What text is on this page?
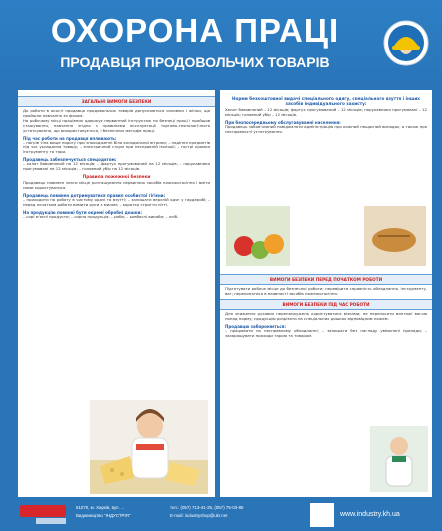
ОХОРОНА ПРАЦІ
ПРОДАВЦЯ ПРОДОВОЛЬЧИХ ТОВАРІВ
ЗАГАЛЬНІ ВИМОГИ БЕЗПЕКИ

До роботи в якості продавця продовольчих товарів допускаються чоловіки і жінки, що пройшли навчання за фахом.

На робочому місці працівник одержує первинний інструктаж по безпеці праці і пройшов стажування, навчання згідно з правилами експлуатації торгово-технологічного устаткування, що використовується, і безпечних методів праці.

Під час роботи на продавця впливають:

– нагрів тіла вище порогу при знаходженні біля холодильної вітрини; – падіння предметів під час укладання товару; – електричний струм при несправній ізоляції; – гострі кромки інструменту та тари.

Продавець забезпечується спецодягом:

– халат бавовняний на 12 місяців; – фартух прогумований на 12 місяців; – нарукавники прогумовані на 12 місяців; – головний убір на 12 місяців.

Правила пожежної безпеки

Продавець повинен знати місце розташування первинних засобів пожежогасіння і вміти ними користуватися.

Продавець повинен дотримуватися правил особистої гігієни:

– приходити на роботу в чистому одязі та взутті; – залишати верхній одяг у гардеробі; – перед початком роботи вимити руки з милом; – коротко стригти нігті.

На продукцію повинні бути окремі обробні дошки:

– сирі м'ясні продукти; – сирна продукція; – риба; – ковбасні вироби; – хліб.

Норми безкоштовної видачі спеціального одягу, спеціального взуття і інших засобів індивідуального захисту:

Халат бавовняний – 12 місяців; фартух прогумований – 12 місяців; нарукавники прогумовані – 12 місяців; головний убір – 12 місяців.

При безпосередньому обслуговуванні населення:

Продавець зобов'язаний повідомляти адміністрацію про кожний нещасний випадок, а також про несправності устаткування.

ВИМОГИ БЕЗПЕКИ ПЕРЕД ПОЧАТКОМ РОБОТИ

Підготувати робоче місце до безпечної роботи; перевірити справність обладнання, інструменту, ваг; переконатися в наявності засобів пожежогасіння.

ВИМОГИ БЕЗПЕКИ ПІД ЧАС РОБОТИ

Для зниження рухових перенапружень користуватися візками; не переносити вантажі вагою понад норму; продукцію розрізати на спеціальних дошках відповідним ножем.

Продавцю забороняється:

– працювати на несправному обладнанні; – залишати без нагляду увімкнені прилади; – захаращувати проходи тарою та товаром.

61070, м. Харків, вул. ...
Видавництво "ІНДУСТРІЯ"
тел.: (057) 713-41-25, (057) 75-03-86
E-mail: industryshop@ukr.net	www.industry.kh.ua
